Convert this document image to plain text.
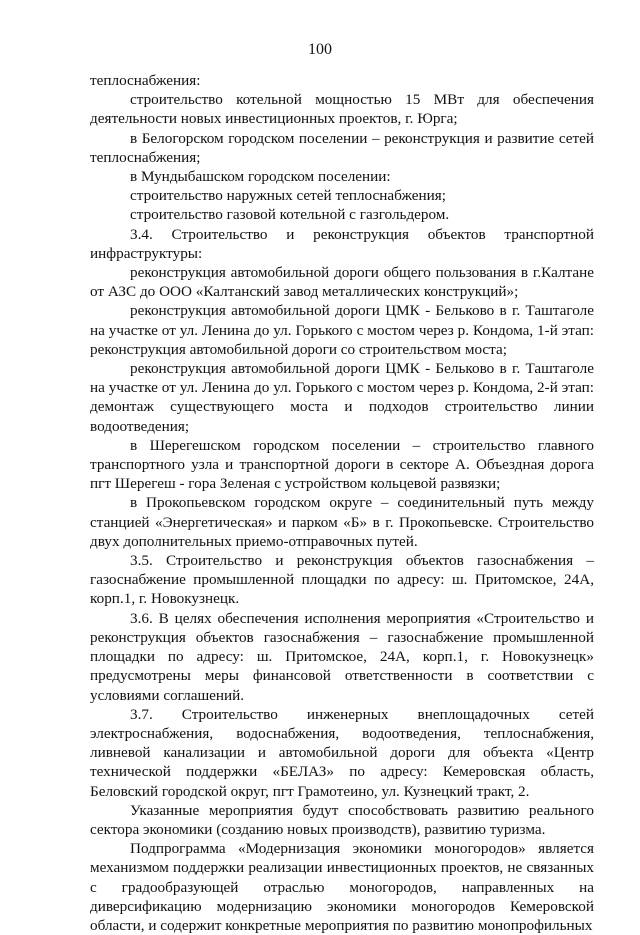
100

теплоснабжения:

строительство котельной мощностью 15 МВт для обеспечения деятельности новых инвестиционных проектов, г. Юрга;

в Белогорском городском поселении – реконструкция и развитие сетей теплоснабжения;

в Мундыбашском городском поселении:

строительство наружных сетей теплоснабжения;

строительство газовой котельной с газгольдером.

3.4. Строительство и реконструкция объектов транспортной инфраструктуры:

реконструкция автомобильной дороги общего пользования в г.Калтане от АЗС до ООО «Калтанский завод металлических конструкций»;

реконструкция автомобильной дороги ЦМК - Бельково в г. Таштаголе на участке от ул. Ленина до ул. Горького с мостом через р. Кондома, 1-й этап: реконструкция автомобильной дороги со строительством моста;

реконструкция автомобильной дороги ЦМК - Бельково в г. Таштаголе на участке от ул. Ленина до ул. Горького с мостом через р. Кондома, 2-й этап: демонтаж существующего моста и подходов строительство линии водоотведения;

в Шерегешском городском поселении – строительство главного транспортного узла и транспортной дороги в секторе А. Объездная дорога пгт Шерегеш - гора Зеленая с устройством кольцевой развязки;

в Прокопьевском городском округе – соединительный путь между станцией «Энергетическая» и парком «Б» в г. Прокопьевске. Строительство двух дополнительных приемо-отправочных путей.

3.5. Строительство и реконструкция объектов газоснабжения – газоснабжение промышленной площадки по адресу: ш. Притомское, 24А, корп.1, г. Новокузнецк.

3.6. В целях обеспечения исполнения мероприятия «Строительство и реконструкция объектов газоснабжения – газоснабжение промышленной площадки по адресу: ш. Притомское, 24А, корп.1, г. Новокузнецк» предусмотрены меры финансовой ответственности в соответствии с условиями соглашений.

3.7. Строительство инженерных внеплощадочных сетей электроснабжения, водоснабжения, водоотведения, теплоснабжения, ливневой канализации и автомобильной дороги для объекта «Центр технической поддержки «БЕЛАЗ» по адресу: Кемеровская область, Беловский городской округ, пгт Грамотеино, ул. Кузнецкий тракт, 2.

Указанные мероприятия будут способствовать развитию реального сектора экономики (созданию новых производств), развитию туризма.

Подпрограмма «Модернизация экономики моногородов» является механизмом поддержки реализации инвестиционных проектов, не связанных с градообразующей отраслью моногородов, направленных на диверсификацию модернизацию экономики моногородов Кемеровской области, и содержит конкретные мероприятия по развитию монопрофильных
